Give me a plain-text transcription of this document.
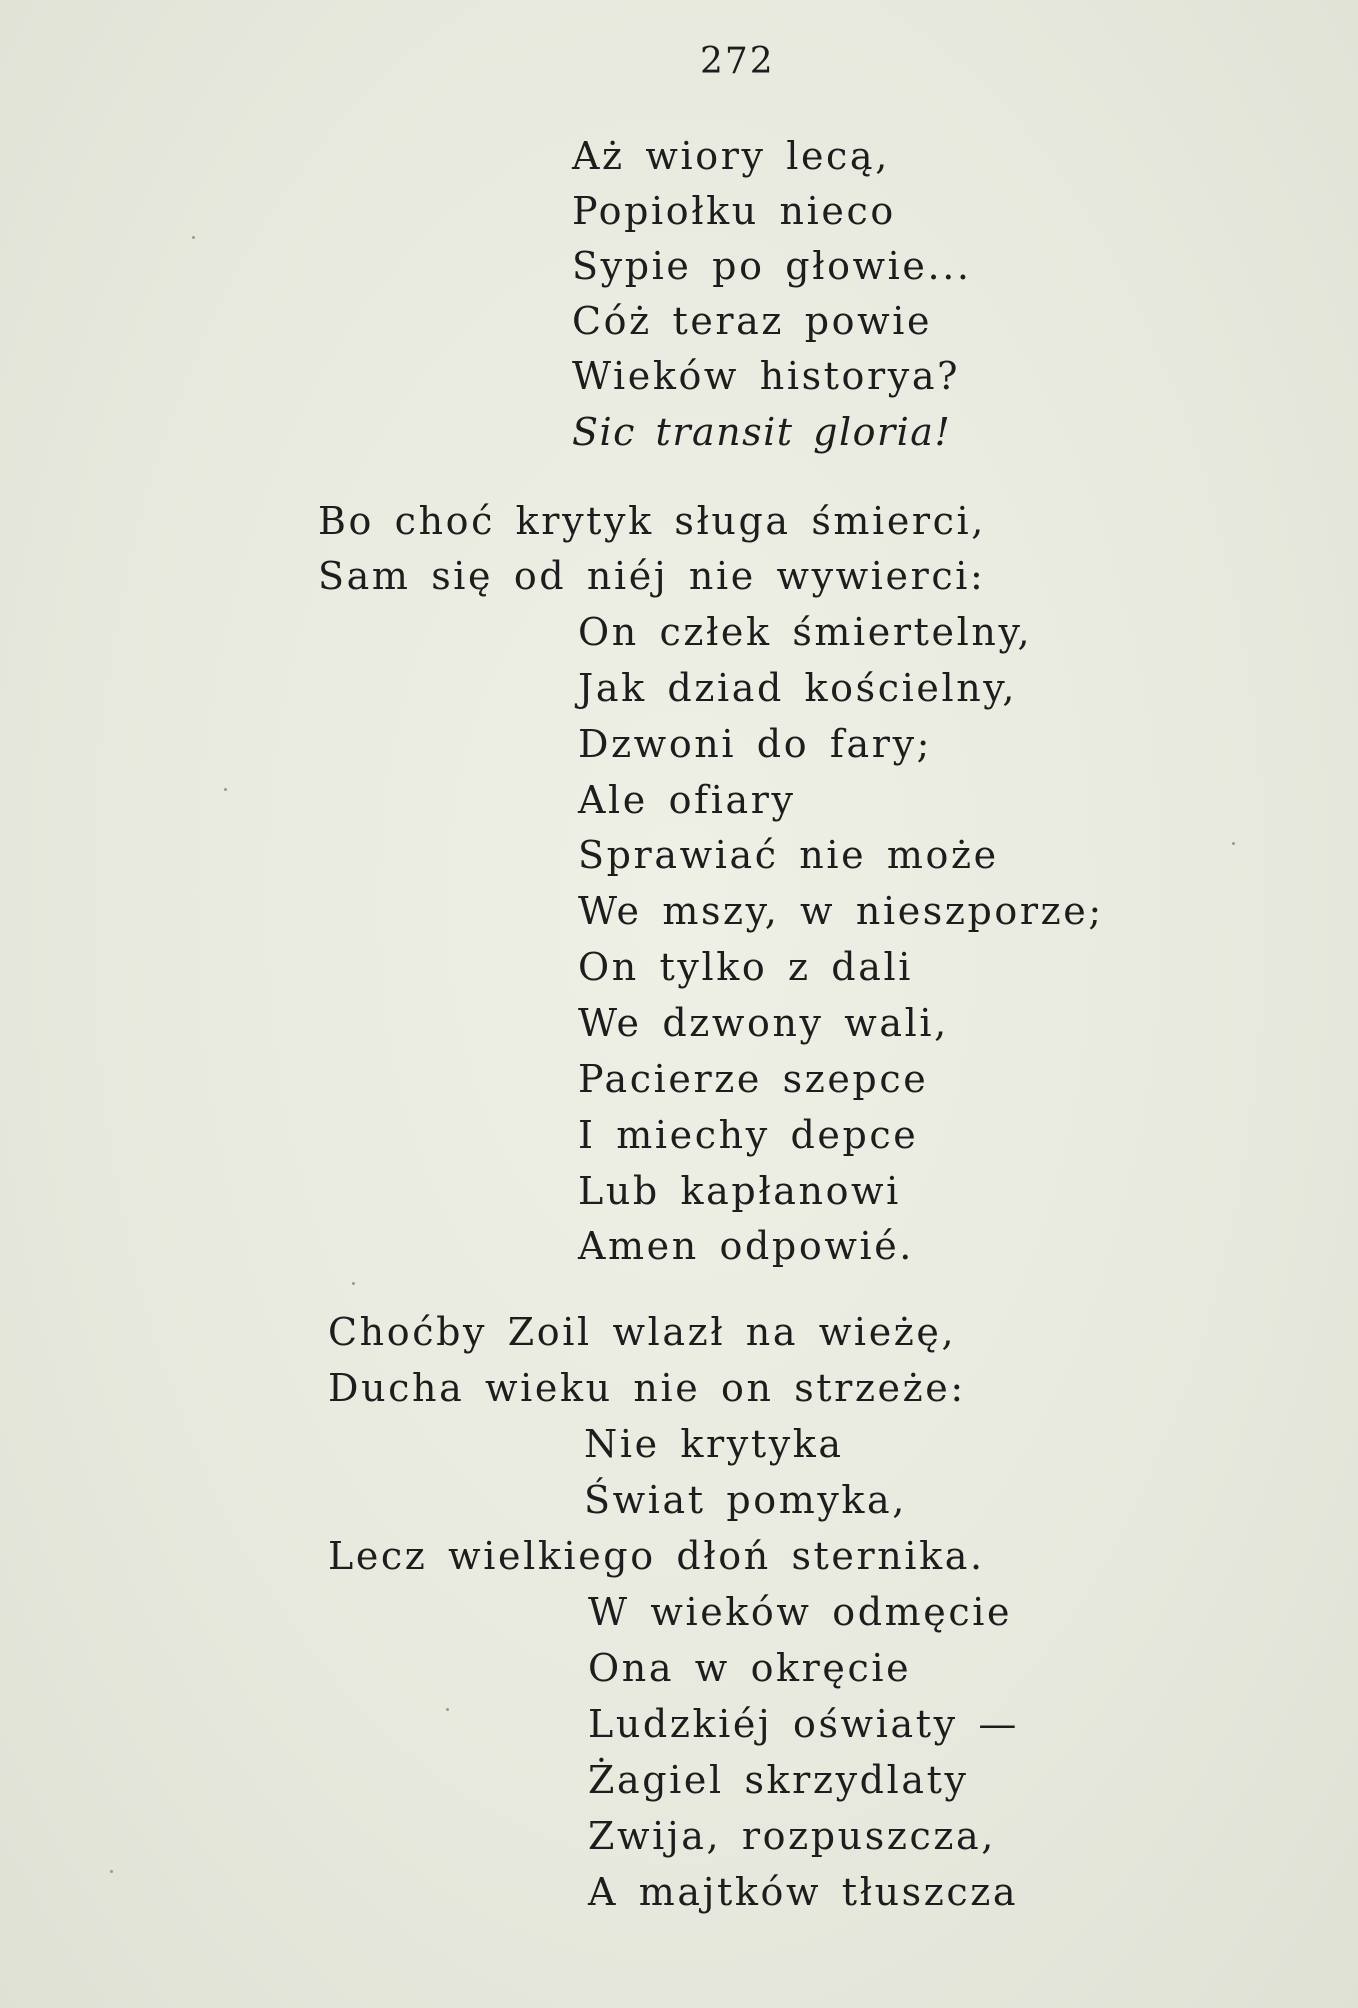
272
Aż wiory lecą,
Popiołku nieco
Sypie po głowie...
Cóż teraz powie
Wieków historya?
Sic transit gloria!
Bo choć krytyk sługa śmierci,
Sam się od niéj nie wywierci:
On człek śmiertelny,
Jak dziad kościelny,
Dzwoni do fary;
Ale ofiary
Sprawiać nie może
We mszy, w nieszporze;
On tylko z dali
We dzwony wali,
Pacierze szepce
I miechy depce
Lub kapłanowi
Amen odpowié.
Choćby Zoil wlazł na wieżę,
Ducha wieku nie on strzeże:
Nie krytyka
Świat pomyka,
Lecz wielkiego dłoń sternika.
W wieków odmęcie
Ona w okręcie
Ludzkiéj oświaty —
Żagiel skrzydlaty
Zwija, rozpuszcza,
A majtków tłuszcza
